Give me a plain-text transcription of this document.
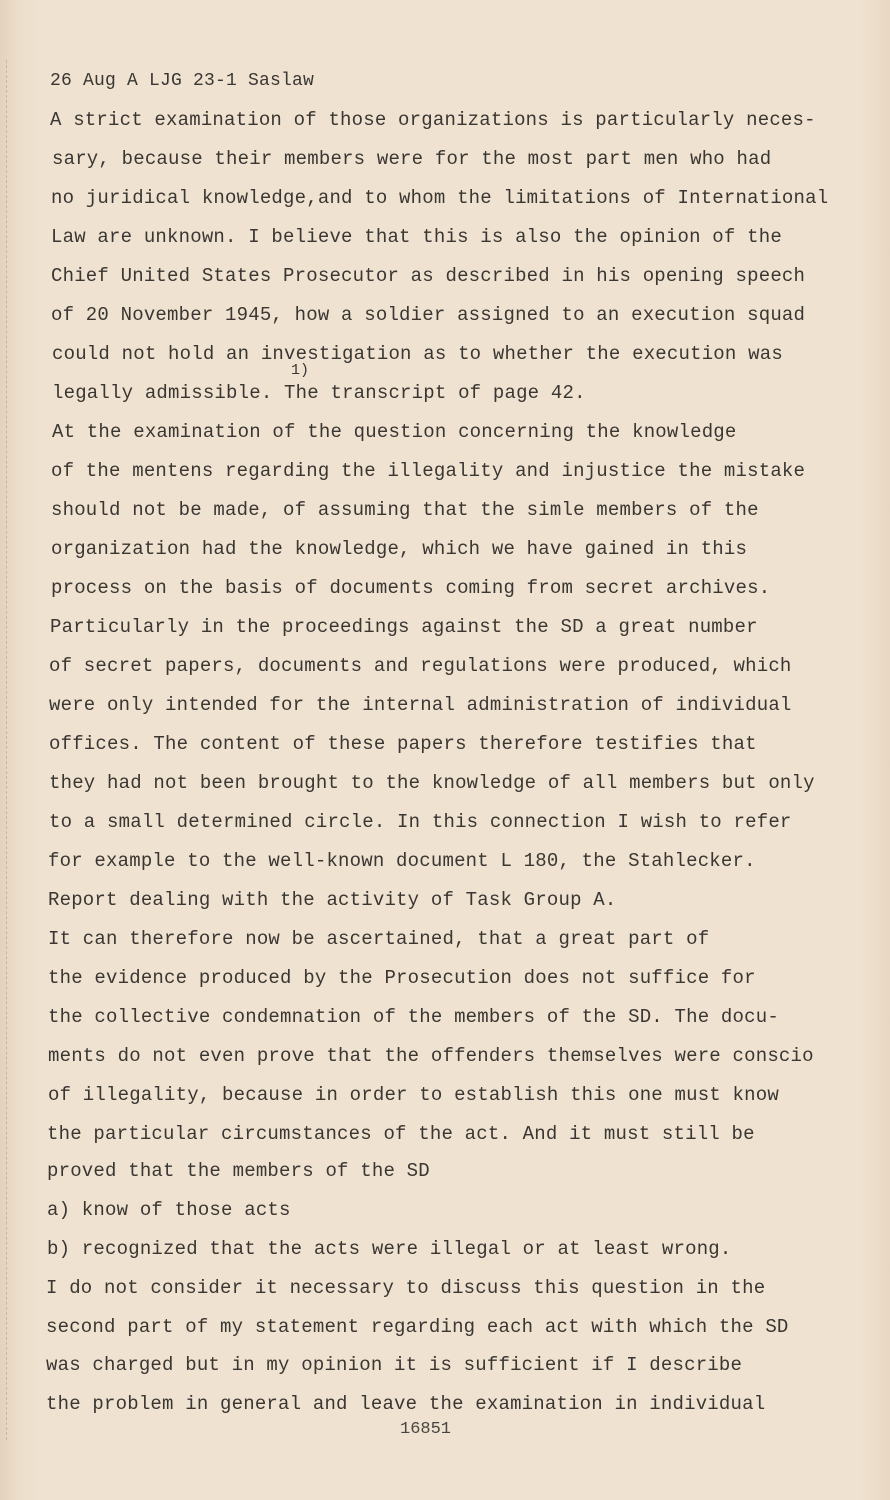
26 Aug A LJG 23-1 Saslaw
A strict examination of those organizations is particularly neces-
sary, because their members were for the most part men who had
no juridical knowledge,and to whom the limitations of International
Law are unknown. I believe that this is also the opinion of the
Chief United States Prosecutor as described in his opening speech
of 20 November 1945, how a soldier assigned to an execution squad
could not hold an investigation as to whether the execution was
1)
legally admissible. The transcript of page 42.
At the examination of the question concerning the knowledge
of the mentens regarding the illegality and injustice the mistake
should not be made, of assuming that the simle members of the
organization had the knowledge, which we have gained in this
process on the basis of documents coming from secret archives.
Particularly in the proceedings against the SD a great number
of secret papers, documents and regulations were produced, which
were only intended for the internal administration of individual
offices. The content of these papers therefore testifies that
they had not been brought to the knowledge of all members but only
to a small determined circle. In this connection I wish to refer
for example to the well-known document L 180, the Stahlecker.
Report dealing with the activity of Task Group A.
It can therefore now be ascertained, that a great part of
the evidence produced by the Prosecution does not suffice for
the collective condemnation of the members of the SD. The docu-
ments do not even prove that the offenders themselves were conscio
of illegality, because in order to establish this one must know
the particular circumstances of the act. And it must still be
proved that the members of the SD
a) know of those acts
b) recognized that the acts were illegal or at least wrong.
I do not consider it necessary to discuss this question in the
second part of my statement regarding each act with which the SD
was charged but in my opinion it is sufficient if I describe
the problem in general and leave the examination in individual
16851
